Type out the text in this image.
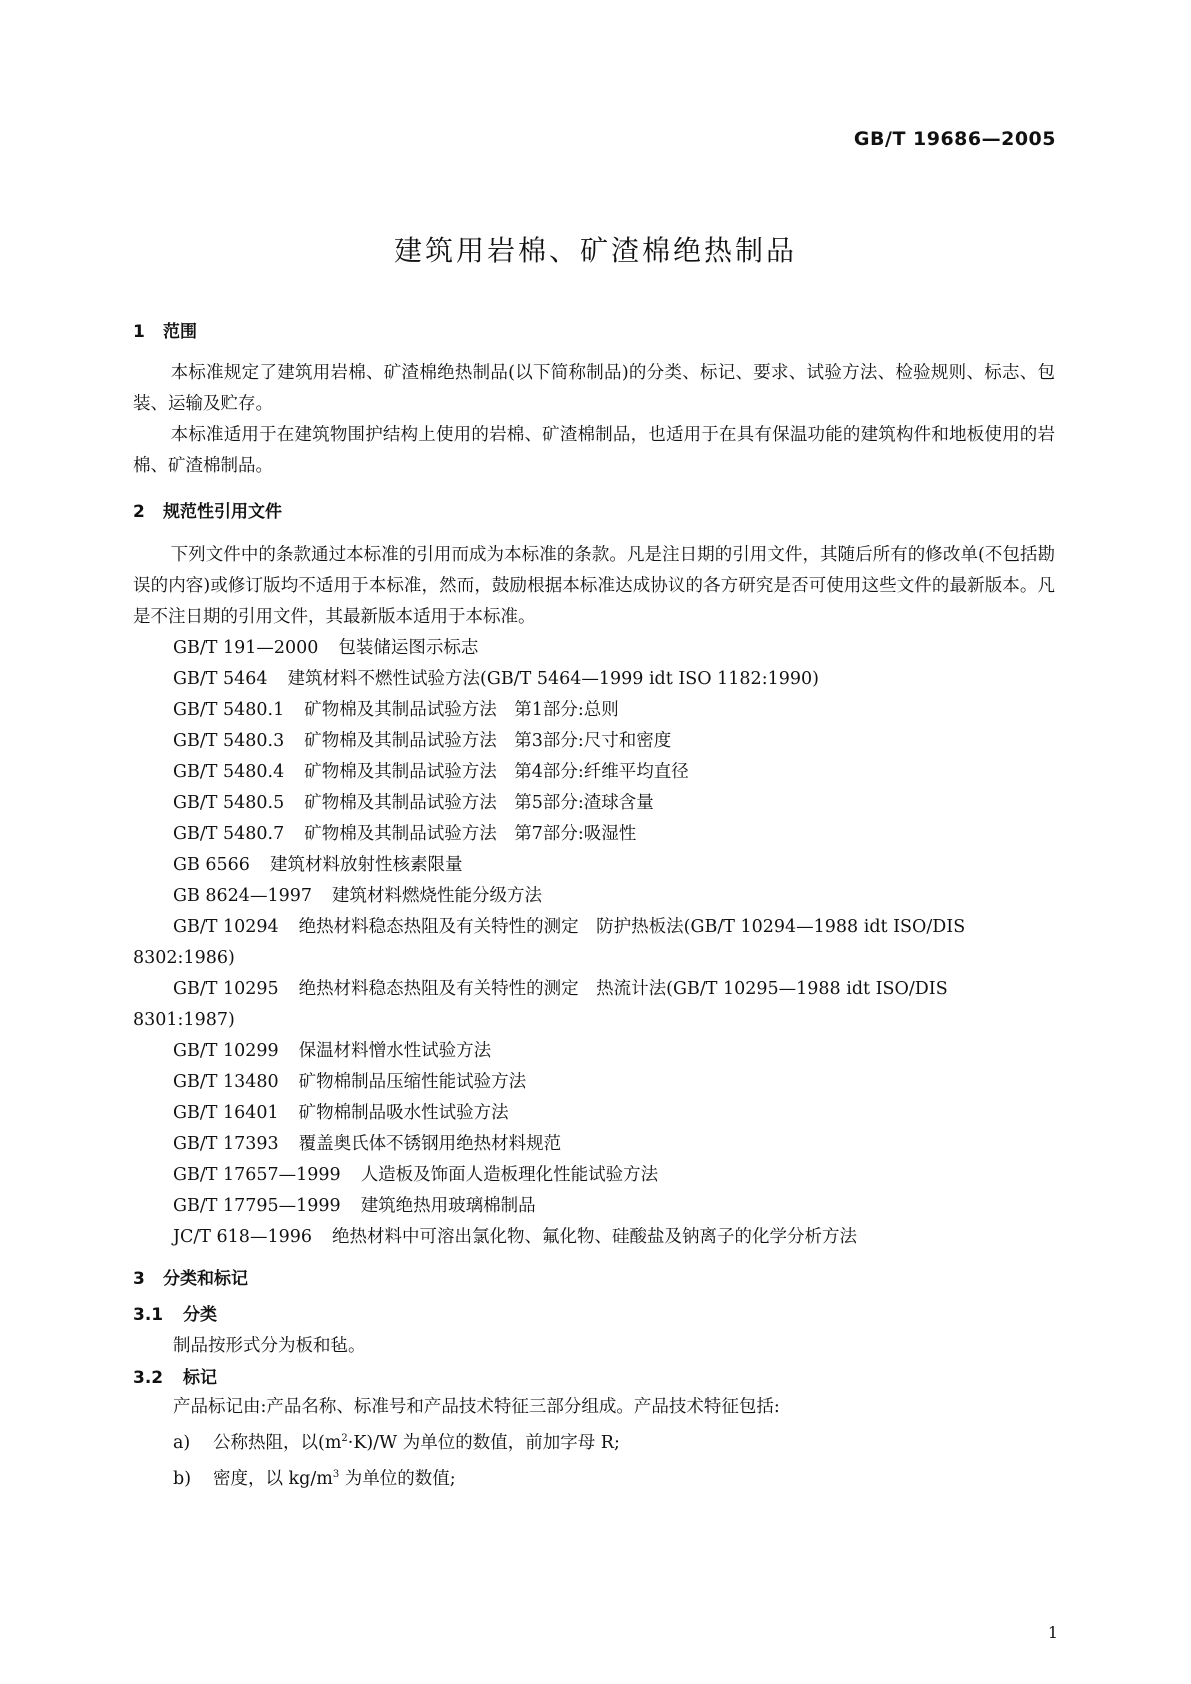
GB/T 19686—2005
建筑用岩棉、矿渣棉绝热制品
1 范围

本标准规定了建筑用岩棉、矿渣棉绝热制品(以下简称制品)的分类、标记、要求、试验方法、检验规则、标志、包装、运输及贮存。

本标准适用于在建筑物围护结构上使用的岩棉、矿渣棉制品，也适用于在具有保温功能的建筑构件和地板使用的岩棉、矿渣棉制品。

2 规范性引用文件

下列文件中的条款通过本标准的引用而成为本标准的条款。凡是注日期的引用文件，其随后所有的修改单(不包括勘误的内容)或修订版均不适用于本标准，然而，鼓励根据本标准达成协议的各方研究是否可使用这些文件的最新版本。凡是不注日期的引用文件，其最新版本适用于本标准。

GB/T 191—2000 包装储运图示标志

GB/T 5464 建筑材料不燃性试验方法(GB/T 5464—1999 idt ISO 1182:1990)

GB/T 5480.1 矿物棉及其制品试验方法　第1部分:总则

GB/T 5480.3 矿物棉及其制品试验方法　第3部分:尺寸和密度

GB/T 5480.4 矿物棉及其制品试验方法　第4部分:纤维平均直径

GB/T 5480.5 矿物棉及其制品试验方法　第5部分:渣球含量

GB/T 5480.7 矿物棉及其制品试验方法　第7部分:吸湿性

GB 6566 建筑材料放射性核素限量

GB 8624—1997 建筑材料燃烧性能分级方法

GB/T 10294 绝热材料稳态热阻及有关特性的测定　防护热板法(GB/T 10294—1988 idt ISO/DIS 8302:1986)

GB/T 10295 绝热材料稳态热阻及有关特性的测定　热流计法(GB/T 10295—1988 idt ISO/DIS 8301:1987)

GB/T 10299 保温材料憎水性试验方法

GB/T 13480 矿物棉制品压缩性能试验方法

GB/T 16401 矿物棉制品吸水性试验方法

GB/T 17393 覆盖奥氏体不锈钢用绝热材料规范

GB/T 17657—1999 人造板及饰面人造板理化性能试验方法

GB/T 17795—1999 建筑绝热用玻璃棉制品

JC/T 618—1996 绝热材料中可溶出氯化物、氟化物、硅酸盐及钠离子的化学分析方法

3 分类和标记
3.1 分类

制品按形式分为板和毡。

3.2 标记

产品标记由:产品名称、标准号和产品技术特征三部分组成。产品技术特征包括:

a) 公称热阻，以$(m^2\cdot K)/W$ 为单位的数值，前加字母 R;

b) 密度，以 $kg/m^3$ 为单位的数值;

1
